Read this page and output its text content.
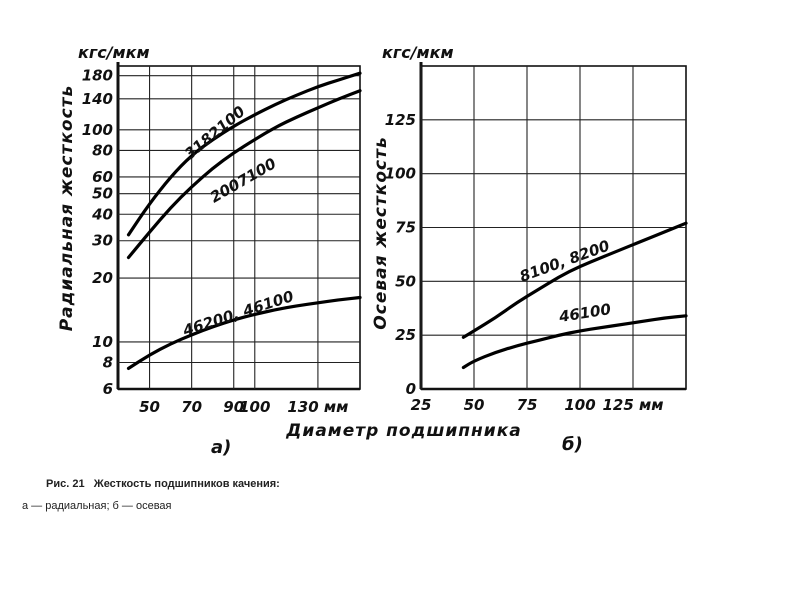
6
8
10
20
30
40
50
60
80
100
140
180
50 70 90
100 130 мм
кгс/мкм
Радиальная жесткость
а)
3182100
2007100
46200, 46100
0
25
50
75
100
125
25 50 75 100 125 мм
кгс/мкм
Осевая жесткость
б)
8100, 8200
46100
Диаметр подшипника
Рис. 21 Жесткость подшипников качения:
а — радиальная; б — осевая
